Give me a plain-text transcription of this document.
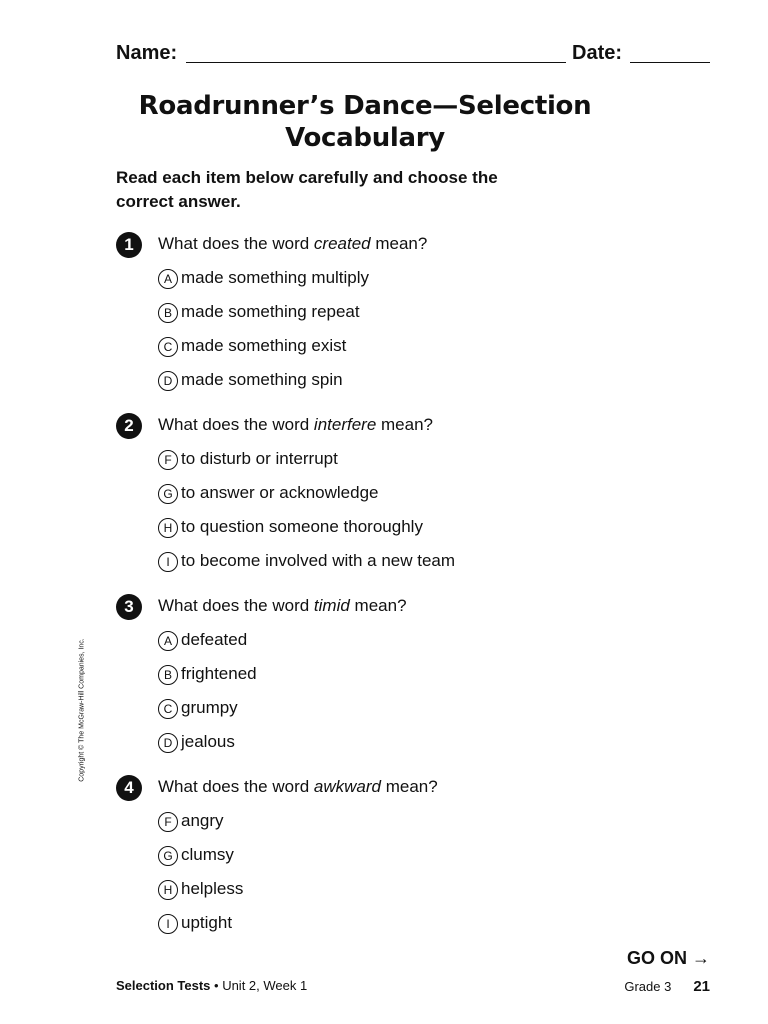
Name:	Date:
Roadrunner’s Dance—Selection
Vocabulary
Read each item below carefully and choose the correct answer.
1	What does the word created mean?
A made something multiply
B made something repeat
C made something exist
D made something spin
2	What does the word interfere mean?
F to disturb or interrupt
G to answer or acknowledge
H to question someone thoroughly
I to become involved with a new team
3	What does the word timid mean?
A defeated
B frightened
C grumpy
D jealous
4	What does the word awkward mean?
F angry
G clumsy
H helpless
I uptight
Copyright © The McGraw-Hill Companies, Inc.
GO ON →
Selection Tests • Unit 2, Week 1	Grade 3 21
